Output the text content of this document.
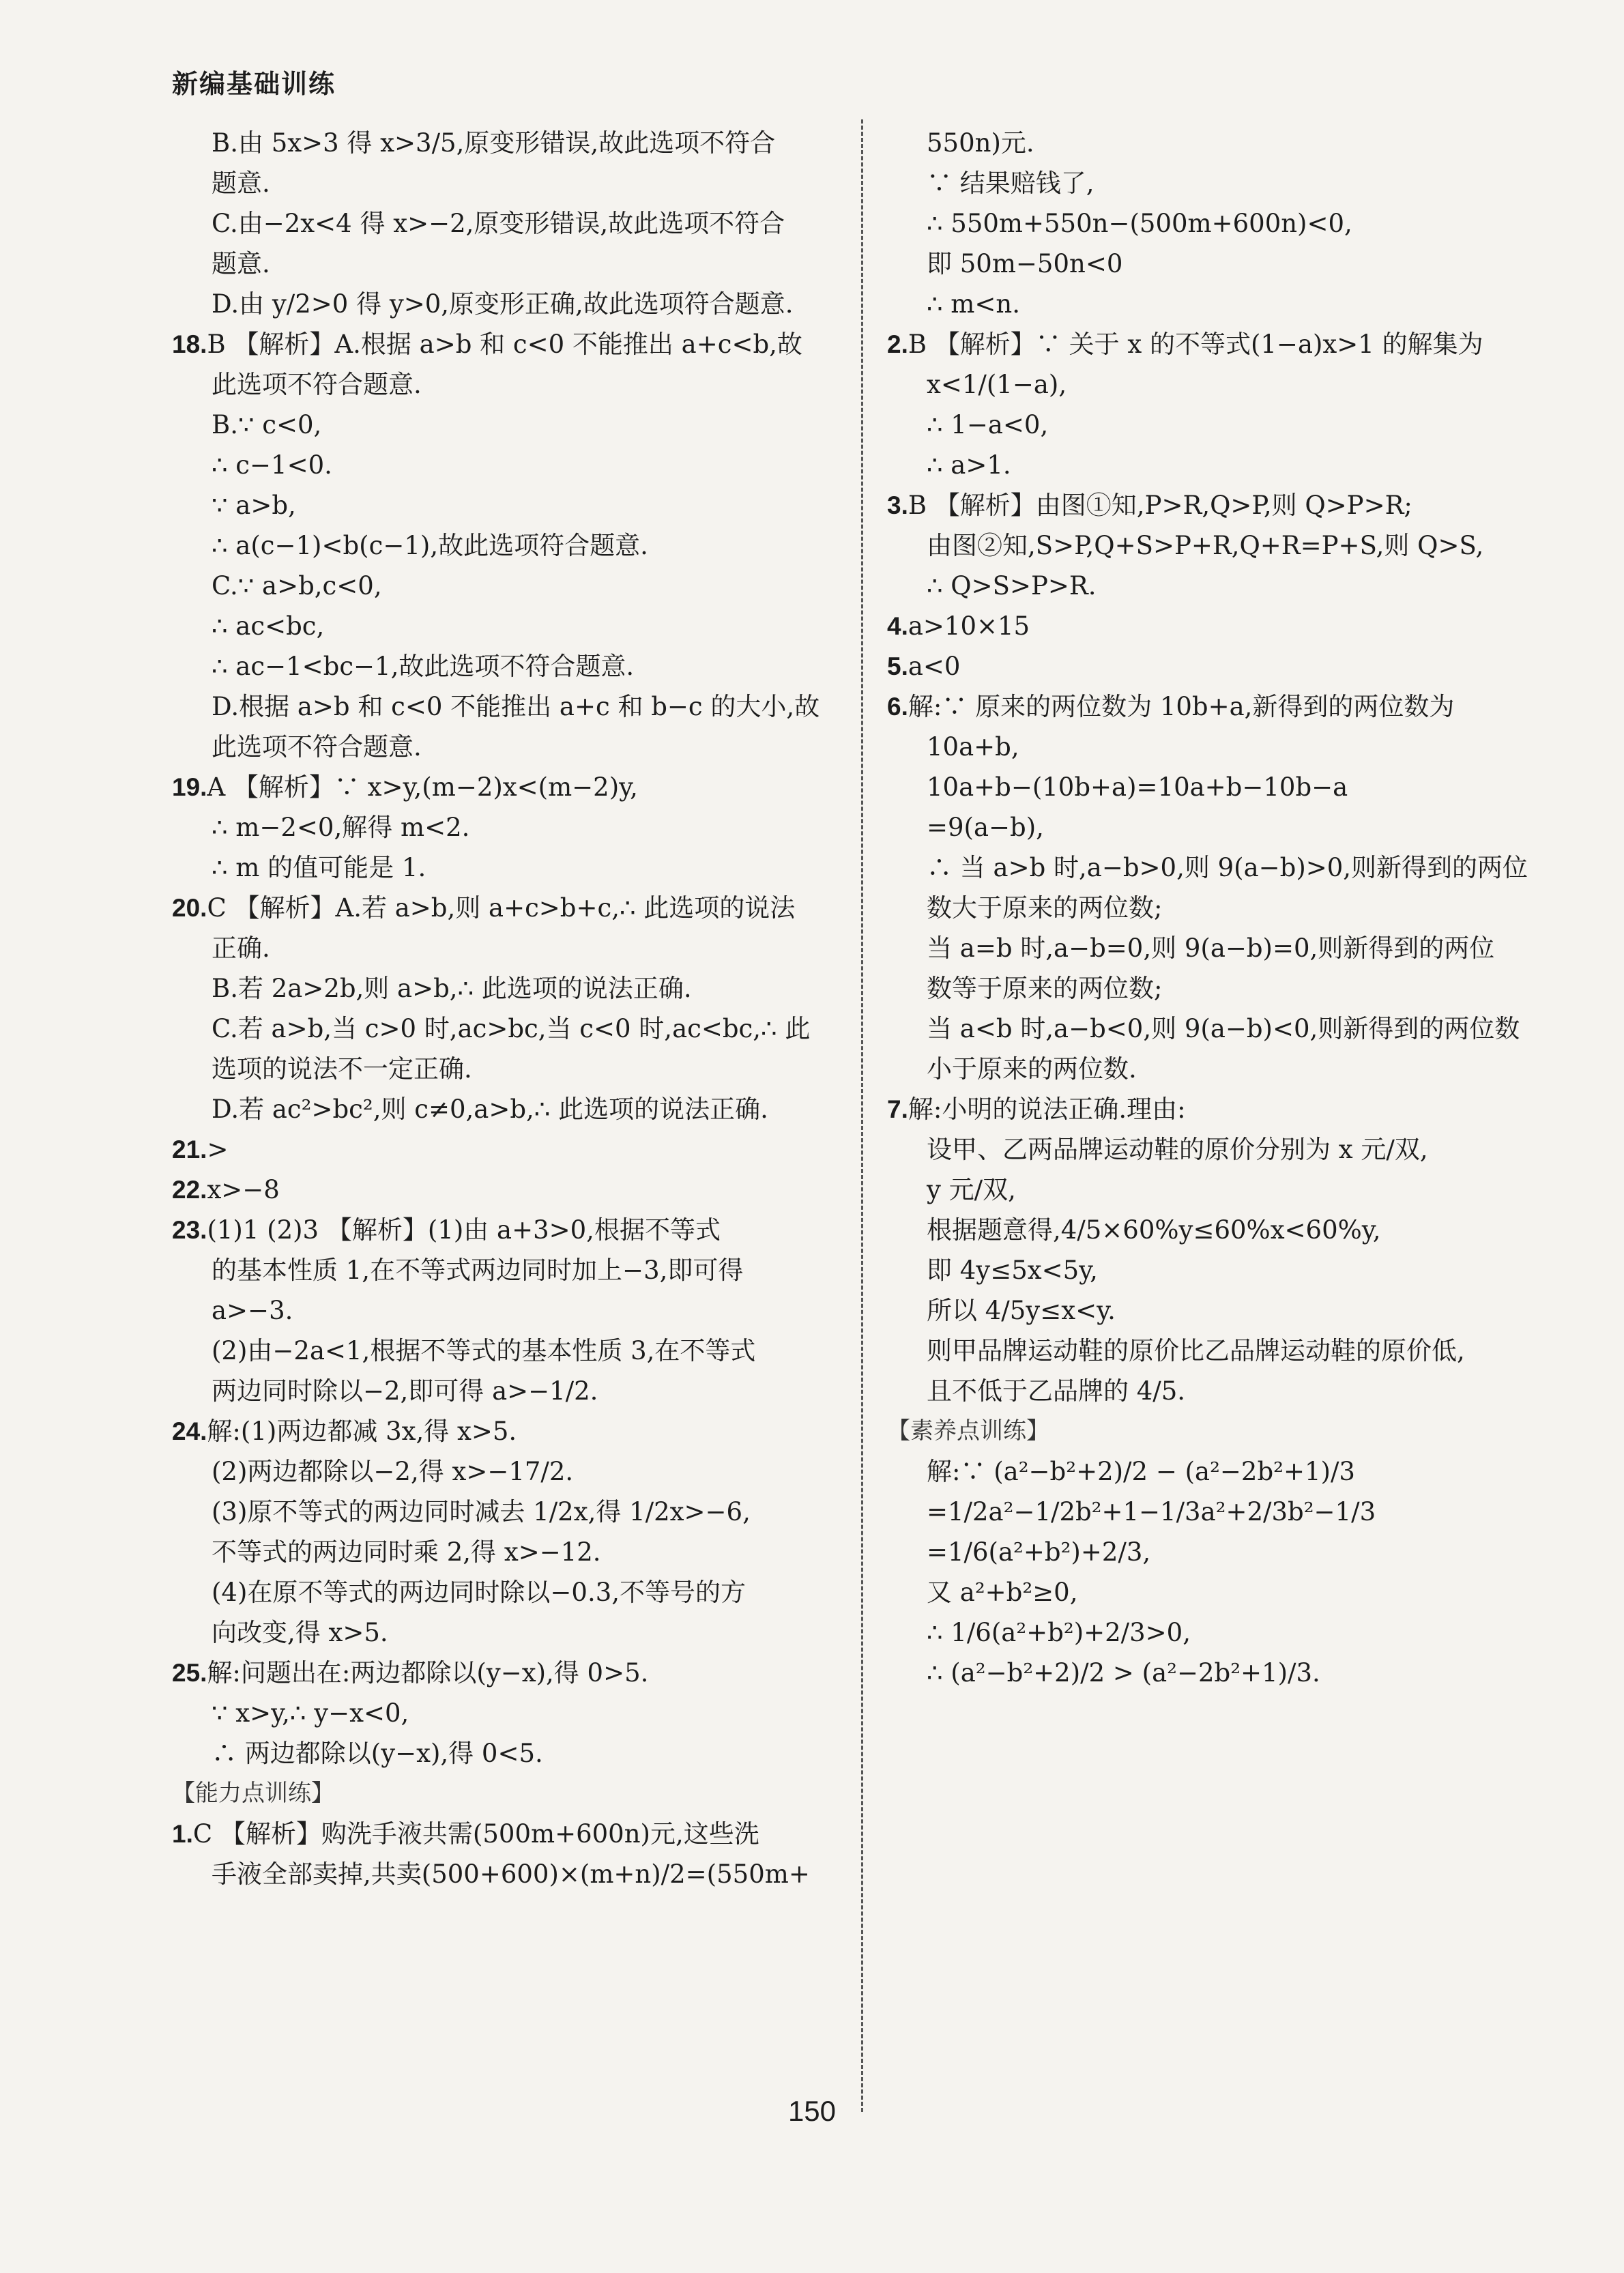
新编基础训练
B.由 5x>3 得 x>3/5,原变形错误,故此选项不符合
题意.
C.由−2x<4 得 x>−2,原变形错误,故此选项不符合
题意.
D.由 y/2>0 得 y>0,原变形正确,故此选项符合题意.
18.B 【解析】A.根据 a>b 和 c<0 不能推出 a+c<b,故
此选项不符合题意.
B.∵ c<0,
∴ c−1<0.
∵ a>b,
∴ a(c−1)<b(c−1),故此选项符合题意.
C.∵ a>b,c<0,
∴ ac<bc,
∴ ac−1<bc−1,故此选项不符合题意.
D.根据 a>b 和 c<0 不能推出 a+c 和 b−c 的大小,故
此选项不符合题意.
19.A 【解析】∵ x>y,(m−2)x<(m−2)y,
∴ m−2<0,解得 m<2.
∴ m 的值可能是 1.
20.C 【解析】A.若 a>b,则 a+c>b+c,∴ 此选项的说法
正确.
B.若 2a>2b,则 a>b,∴ 此选项的说法正确.
C.若 a>b,当 c>0 时,ac>bc,当 c<0 时,ac<bc,∴ 此
选项的说法不一定正确.
D.若 ac²>bc²,则 c≠0,a>b,∴ 此选项的说法正确.
21.>
22.x>−8
23.(1)1 (2)3 【解析】(1)由 a+3>0,根据不等式
的基本性质 1,在不等式两边同时加上−3,即可得
a>−3.
(2)由−2a<1,根据不等式的基本性质 3,在不等式
两边同时除以−2,即可得 a>−1/2.
24.解:(1)两边都减 3x,得 x>5.
(2)两边都除以−2,得 x>−17/2.
(3)原不等式的两边同时减去 1/2x,得 1/2x>−6,
不等式的两边同时乘 2,得 x>−12.
(4)在原不等式的两边同时除以−0.3,不等号的方
向改变,得 x>5.
25.解:问题出在:两边都除以(y−x),得 0>5.
∵ x>y,∴ y−x<0,
∴ 两边都除以(y−x),得 0<5.
【能力点训练】
1.C 【解析】购洗手液共需(500m+600n)元,这些洗
手液全部卖掉,共卖(500+600)×(m+n)/2=(550m+
550n)元.
∵ 结果赔钱了,
∴ 550m+550n−(500m+600n)<0,
即 50m−50n<0
∴ m<n.
2.B 【解析】∵ 关于 x 的不等式(1−a)x>1 的解集为
x<1/(1−a),
∴ 1−a<0,
∴ a>1.
3.B 【解析】由图①知,P>R,Q>P,则 Q>P>R;
由图②知,S>P,Q+S>P+R,Q+R=P+S,则 Q>S,
∴ Q>S>P>R.
4.a>10×15
5.a<0
6.解:∵ 原来的两位数为 10b+a,新得到的两位数为
10a+b,
10a+b−(10b+a)=10a+b−10b−a
=9(a−b),
∴ 当 a>b 时,a−b>0,则 9(a−b)>0,则新得到的两位
数大于原来的两位数;
当 a=b 时,a−b=0,则 9(a−b)=0,则新得到的两位
数等于原来的两位数;
当 a<b 时,a−b<0,则 9(a−b)<0,则新得到的两位数
小于原来的两位数.
7.解:小明的说法正确.理由:
设甲、乙两品牌运动鞋的原价分别为 x 元/双,
y 元/双,
根据题意得,4/5×60%y≤60%x<60%y,
即 4y≤5x<5y,
所以 4/5y≤x<y.
则甲品牌运动鞋的原价比乙品牌运动鞋的原价低,
且不低于乙品牌的 4/5.
【素养点训练】
解:∵ (a²−b²+2)/2 − (a²−2b²+1)/3
=1/2a²−1/2b²+1−1/3a²+2/3b²−1/3
=1/6(a²+b²)+2/3,
又 a²+b²≥0,
∴ 1/6(a²+b²)+2/3>0,
∴ (a²−b²+2)/2 > (a²−2b²+1)/3.
150
